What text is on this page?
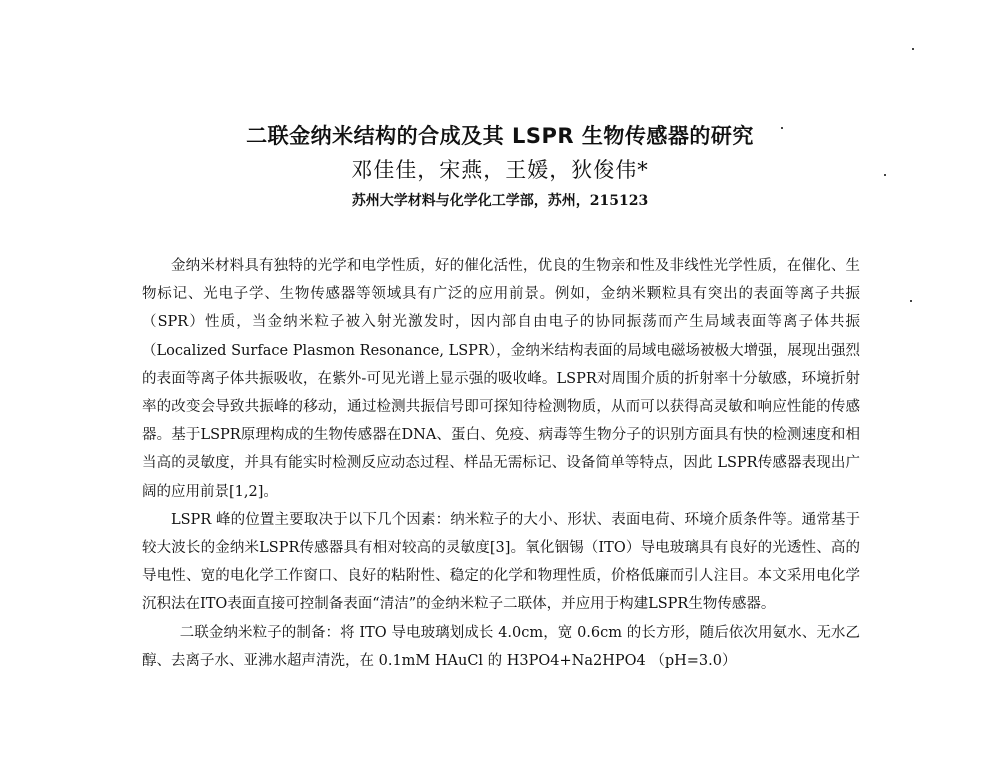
二联金纳米结构的合成及其 LSPR 生物传感器的研究
邓佳佳，宋燕，王媛，狄俊伟*
苏州大学材料与化学化工学部，苏州，215123

金纳米材料具有独特的光学和电学性质，好的催化活性，优良的生物亲和性及非线性光学性质，在催化、生物标记、光电子学、生物传感器等领域具有广泛的应用前景。例如，金纳米颗粒具有突出的表面等离子共振（SPR）性质，当金纳米粒子被入射光激发时，因内部自由电子的协同振荡而产生局域表面等离子体共振（Localized Surface Plasmon Resonance, LSPR），金纳米结构表面的局域电磁场被极大增强，展现出强烈的表面等离子体共振吸收，在紫外-可见光谱上显示强的吸收峰。LSPR对周围介质的折射率十分敏感，环境折射率的改变会导致共振峰的移动，通过检测共振信号即可探知待检测物质，从而可以获得高灵敏和响应性能的传感器。基于LSPR原理构成的生物传感器在DNA、蛋白、免疫、病毒等生物分子的识别方面具有快的检测速度和相当高的灵敏度，并具有能实时检测反应动态过程、样品无需标记、设备简单等特点，因此 LSPR传感器表现出广阔的应用前景[1,2]。

LSPR 峰的位置主要取决于以下几个因素：纳米粒子的大小、形状、表面电荷、环境介质条件等。通常基于较大波长的金纳米LSPR传感器具有相对较高的灵敏度[3]。氧化铟锡（ITO）导电玻璃具有良好的光透性、高的导电性、宽的电化学工作窗口、良好的粘附性、稳定的化学和物理性质，价格低廉而引人注目。本文采用电化学沉积法在ITO表面直接可控制备表面“清洁”的金纳米粒子二联体，并应用于构建LSPR生物传感器。

二联金纳米粒子的制备：将 ITO 导电玻璃划成长 4.0cm，宽 0.6cm 的长方形，随后依次用氨水、无水乙醇、去离子水、亚沸水超声清洗，在 0.1mM HAuCl 的 H3PO4+Na2HPO4 （pH=3.0）
